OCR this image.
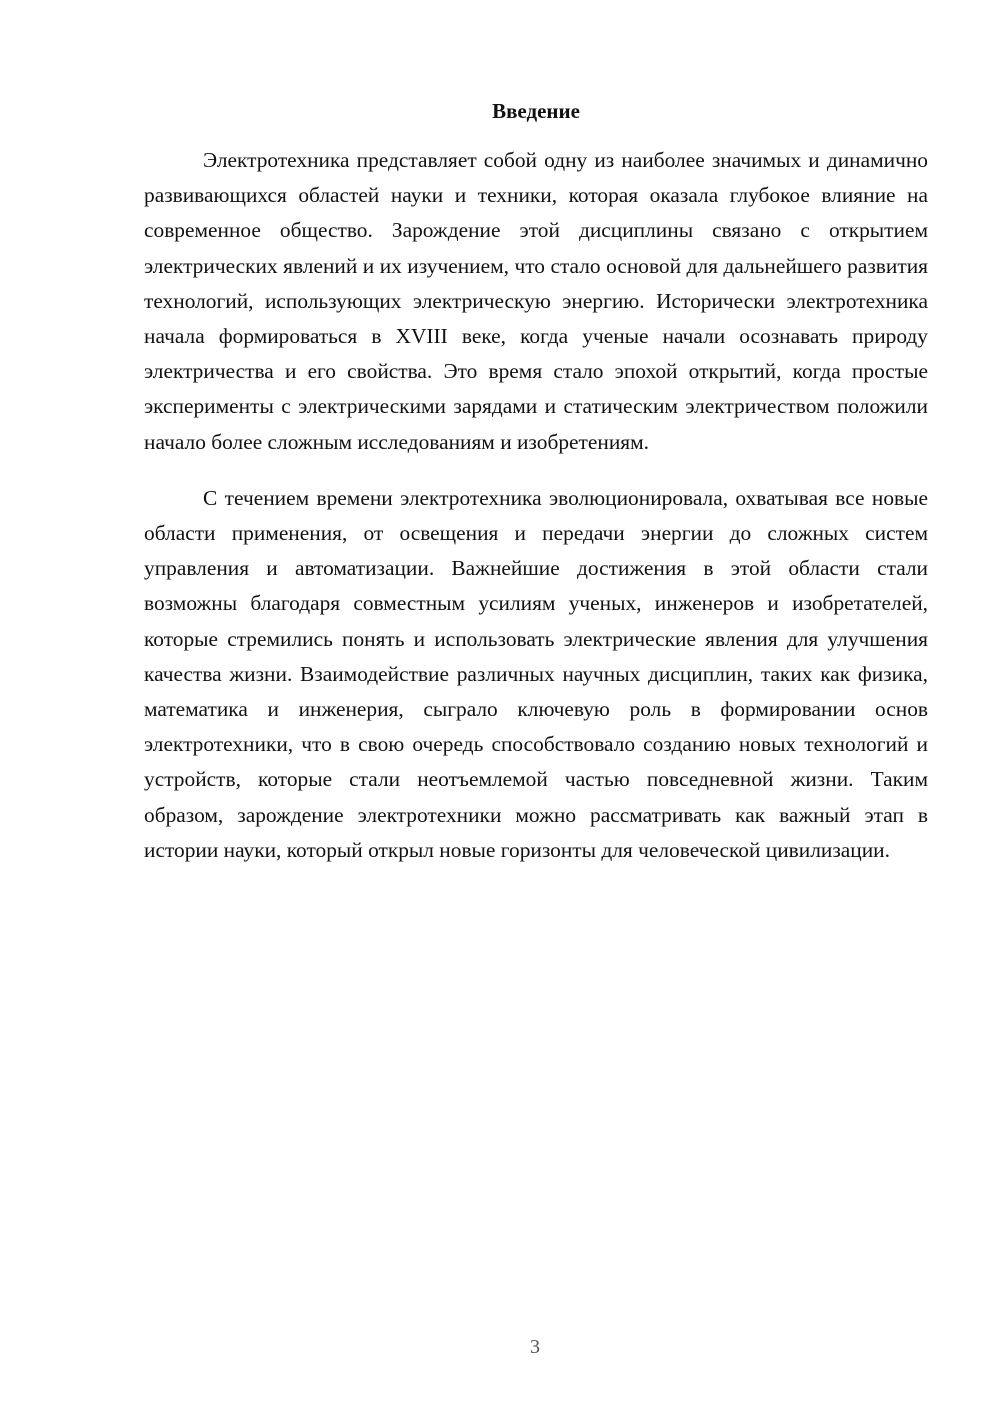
Введение

Электротехника представляет собой одну из наиболее значимых и динамично развивающихся областей науки и техники, которая оказала глубокое влияние на современное общество. Зарождение этой дисциплины связано с открытием электрических явлений и их изучением, что стало основой для дальнейшего развития технологий, использующих электрическую энергию. Исторически электротехника начала формироваться в XVIII веке, когда ученые начали осознавать природу электричества и его свойства. Это время стало эпохой открытий, когда простые эксперименты с электрическими зарядами и статическим электричеством положили начало более сложным исследованиям и изобретениям.

С течением времени электротехника эволюционировала, охватывая все новые области применения, от освещения и передачи энергии до сложных систем управления и автоматизации. Важнейшие достижения в этой области стали возможны благодаря совместным усилиям ученых, инженеров и изобретателей, которые стремились понять и использовать электрические явления для улучшения качества жизни. Взаимодействие различных научных дисциплин, таких как физика, математика и инженерия, сыграло ключевую роль в формировании основ электротехники, что в свою очередь способствовало созданию новых технологий и устройств, которые стали неотъемлемой частью повседневной жизни. Таким образом, зарождение электротехники можно рассматривать как важный этап в истории науки, который открыл новые горизонты для человеческой цивилизации.

3
